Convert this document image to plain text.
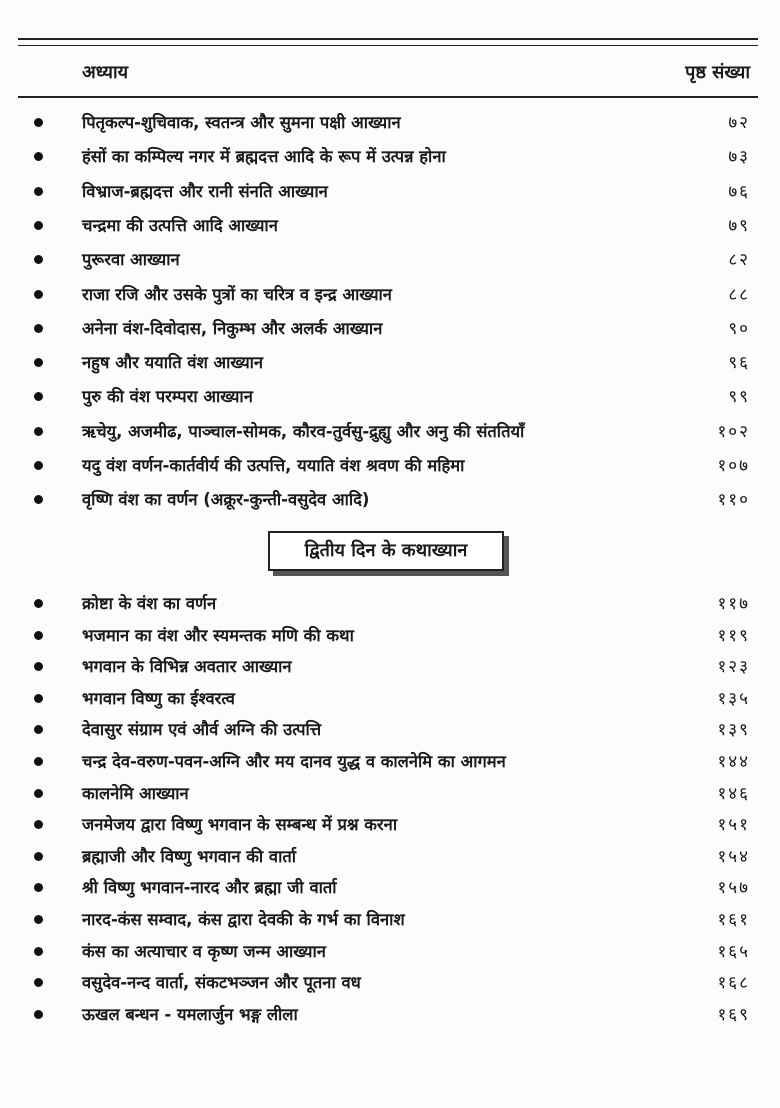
अध्याय	पृष्ठ संख्या
पितृकल्प-शुचिवाक, स्वतन्त्र और सुमना पक्षी आख्यान	७२
हंसों का कम्पिल्य नगर में ब्रह्मदत्त आदि के रूप में उत्पन्न होना	७३
विभ्राज-ब्रह्मदत्त और रानी संनति आख्यान	७६
चन्द्रमा की उत्पत्ति आदि आख्यान	७९
पुरूरवा आख्यान	८२
राजा रजि और उसके पुत्रों का चरित्र व इन्द्र आख्यान	८८
अनेना वंश-दिवोदास, निकुम्भ और अलर्क आख्यान	९०
नहुष और ययाति वंश आख्यान	९६
पुरु की वंश परम्परा आख्यान	९९
ऋचेयु, अजमीढ, पाञ्चाल-सोमक, कौरव-तुर्वसु-द्रुह्यु और अनु की संततियाँ	१०२
यदु वंश वर्णन-कार्तवीर्य की उत्पत्ति, ययाति वंश श्रवण की महिमा	१०७
वृष्णि वंश का वर्णन (अक्रूर-कुन्ती-वसुदेव आदि)	११०
द्वितीय दिन के कथाख्यान
क्रोष्टा के वंश का वर्णन	११७
भजमान का वंश और स्यमन्तक मणि की कथा	११९
भगवान के विभिन्न अवतार आख्यान	१२३
भगवान विष्णु का ईश्वरत्व	१३५
देवासुर संग्राम एवं और्व अग्नि की उत्पत्ति	१३९
चन्द्र देव-वरुण-पवन-अग्नि और मय दानव युद्ध व कालनेमि का आगमन	१४४
कालनेमि आख्यान	१४६
जनमेजय द्वारा विष्णु भगवान के सम्बन्ध में प्रश्न करना	१५१
ब्रह्माजी और विष्णु भगवान की वार्ता	१५४
श्री विष्णु भगवान-नारद और ब्रह्मा जी वार्ता	१५७
नारद-कंस सम्वाद, कंस द्वारा देवकी के गर्भ का विनाश	१६१
कंस का अत्याचार व कृष्ण जन्म आख्यान	१६५
वसुदेव-नन्द वार्ता, संकटभञ्जन और पूतना वध	१६८
ऊखल बन्धन - यमलार्जुन भङ्ग लीला	१६९
